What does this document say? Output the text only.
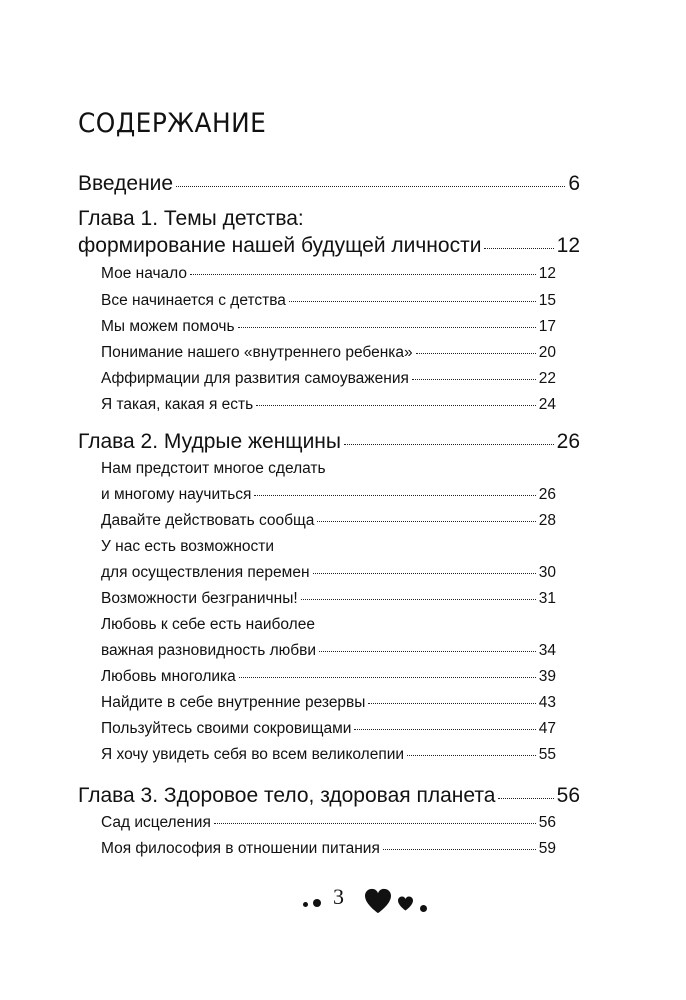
СОДЕРЖАНИЕ
Введение	6
Глава 1. Темы детства:
формирование нашей будущей личности	12
Мое начало	12
Все начинается с детства	15
Мы можем помочь	17
Понимание нашего «внутреннего ребенка»	20
Аффирмации для развития самоуважения	22
Я такая, какая я есть	24
Глава 2. Мудрые женщины	26
Нам предстоит многое сделать
и многому научиться	26
Давайте действовать сообща	28
У нас есть возможности
для осуществления перемен	30
Возможности безграничны!	31
Любовь к себе есть наиболее
важная разновидность любви	34
Любовь многолика	39
Найдите в себе внутренние резервы	43
Пользуйтесь своими сокровищами	47
Я хочу увидеть себя во всем великолепии	55
Глава 3. Здоровое тело, здоровая планета	56
Сад исцеления	56
Моя философия в отношении питания	59
3
